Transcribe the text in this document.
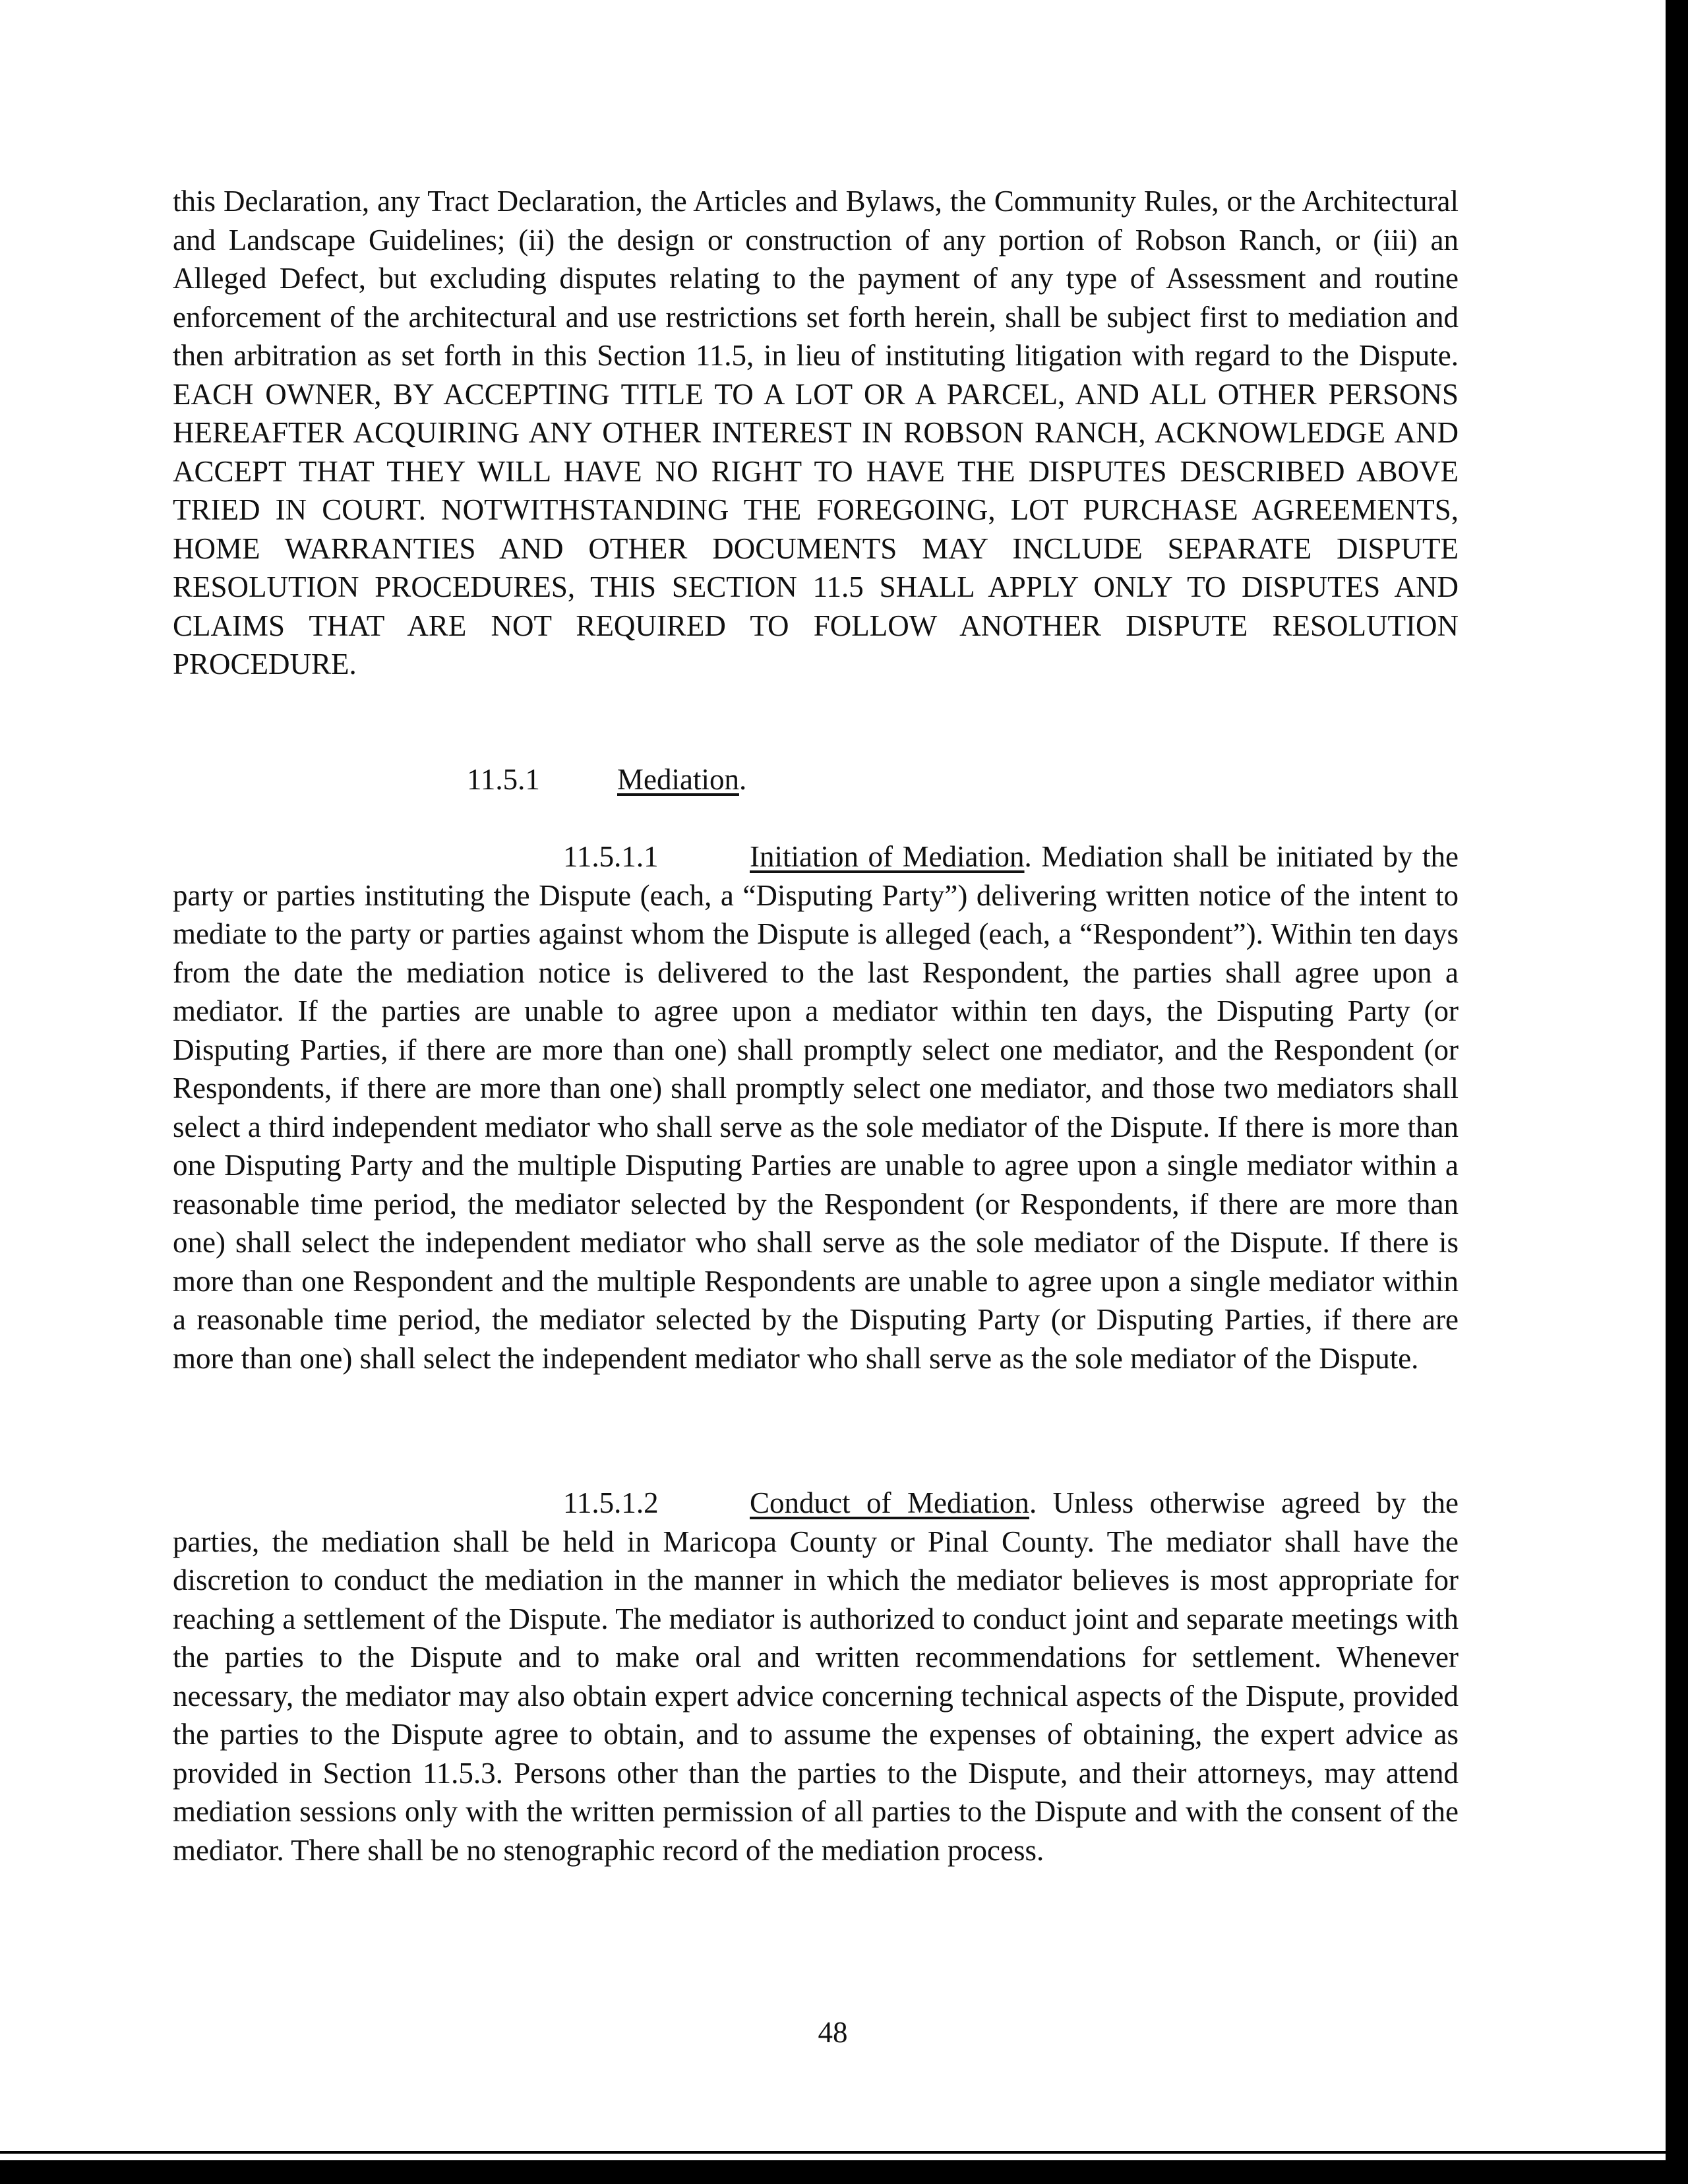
this Declaration, any Tract Declaration, the Articles and Bylaws, the Community Rules, or the Architectural and Landscape Guidelines; (ii) the design or construction of any portion of Robson Ranch, or (iii) an Alleged Defect, but excluding disputes relating to the payment of any type of Assessment and routine enforcement of the architectural and use restrictions set forth herein, shall be subject first to mediation and then arbitration as set forth in this Section 11.5, in lieu of instituting litigation with regard to the Dispute. EACH OWNER, BY ACCEPTING TITLE TO A LOT OR A PARCEL, AND ALL OTHER PERSONS HEREAFTER ACQUIRING ANY OTHER INTEREST IN ROBSON RANCH, ACKNOWLEDGE AND ACCEPT THAT THEY WILL HAVE NO RIGHT TO HAVE THE DISPUTES DESCRIBED ABOVE TRIED IN COURT. NOTWITHSTANDING THE FOREGOING, LOT PURCHASE AGREEMENTS, HOME WARRANTIES AND OTHER DOCUMENTS MAY INCLUDE SEPARATE DISPUTE RESOLUTION PROCEDURES, THIS SECTION 11.5 SHALL APPLY ONLY TO DISPUTES AND CLAIMS THAT ARE NOT REQUIRED TO FOLLOW ANOTHER DISPUTE RESOLUTION PROCEDURE.

11.5.1	Mediation.

11.5.1.1	Initiation of Mediation. Mediation shall be initiated by the party or parties instituting the Dispute (each, a “Disputing Party”) delivering written notice of the intent to mediate to the party or parties against whom the Dispute is alleged (each, a “Respondent”). Within ten days from the date the mediation notice is delivered to the last Respondent, the parties shall agree upon a mediator. If the parties are unable to agree upon a mediator within ten days, the Disputing Party (or Disputing Parties, if there are more than one) shall promptly select one mediator, and the Respondent (or Respondents, if there are more than one) shall promptly select one mediator, and those two mediators shall select a third independent mediator who shall serve as the sole mediator of the Dispute. If there is more than one Disputing Party and the multiple Disputing Parties are unable to agree upon a single mediator within a reasonable time period, the mediator selected by the Respondent (or Respondents, if there are more than one) shall select the independent mediator who shall serve as the sole mediator of the Dispute. If there is more than one Respondent and the multiple Respondents are unable to agree upon a single mediator within a reasonable time period, the mediator selected by the Disputing Party (or Disputing Parties, if there are more than one) shall select the independent mediator who shall serve as the sole mediator of the Dispute.

11.5.1.2	Conduct of Mediation. Unless otherwise agreed by the parties, the mediation shall be held in Maricopa County or Pinal County. The mediator shall have the discretion to conduct the mediation in the manner in which the mediator believes is most appropriate for reaching a settlement of the Dispute. The mediator is authorized to conduct joint and separate meetings with the parties to the Dispute and to make oral and written recommendations for settlement. Whenever necessary, the mediator may also obtain expert advice concerning technical aspects of the Dispute, provided the parties to the Dispute agree to obtain, and to assume the expenses of obtaining, the expert advice as provided in Section 11.5.3. Persons other than the parties to the Dispute, and their attorneys, may attend mediation sessions only with the written permission of all parties to the Dispute and with the consent of the mediator. There shall be no stenographic record of the mediation process.

48
